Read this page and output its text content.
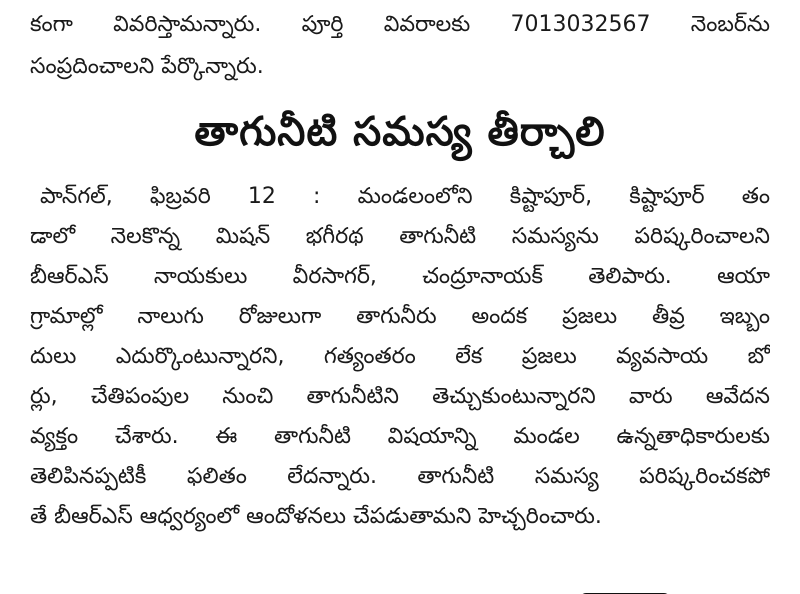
కంగా వివరిస్తామన్నారు. పూర్తి వివరాలకు 7013032567 నెంబర్‌ను
సంప్రదించాలని పేర్కొన్నారు.
తాగునీటి సమస్య తీర్చాలి
పాన్‌గల్, ఫిబ్రవరి 12 : మండలంలోని కిష్టాపూర్, కిష్టాపూర్ తం
డాలో నెలకొన్న మిషన్ భగీరథ తాగునీటి సమస్యను పరిష్కరించాలని
బీఆర్ఎస్ నాయకులు వీరసాగర్, చంద్రూనాయక్ తెలిపారు. ఆయా
గ్రామాల్లో నాలుగు రోజులుగా తాగునీరు అందక ప్రజలు తీవ్ర ఇబ్బం
దులు ఎదుర్కొంటున్నారని, గత్యంతరం లేక ప్రజలు వ్యవసాయ బో
ర్లు, చేతిపంపుల నుంచి తాగునీటిని తెచ్చుకుంటున్నారని వారు ఆవేదన
వ్యక్తం చేశారు. ఈ తాగునీటి విషయాన్ని మండల ఉన్నతాధికారులకు
తెలిపినప్పటికీ ఫలితం లేదన్నారు. తాగునీటి సమస్య పరిష్కరించకపో
తే బీఆర్ఎస్ ఆధ్వర్యంలో ఆందోళనలు చేపడుతామని హెచ్చరించారు.
